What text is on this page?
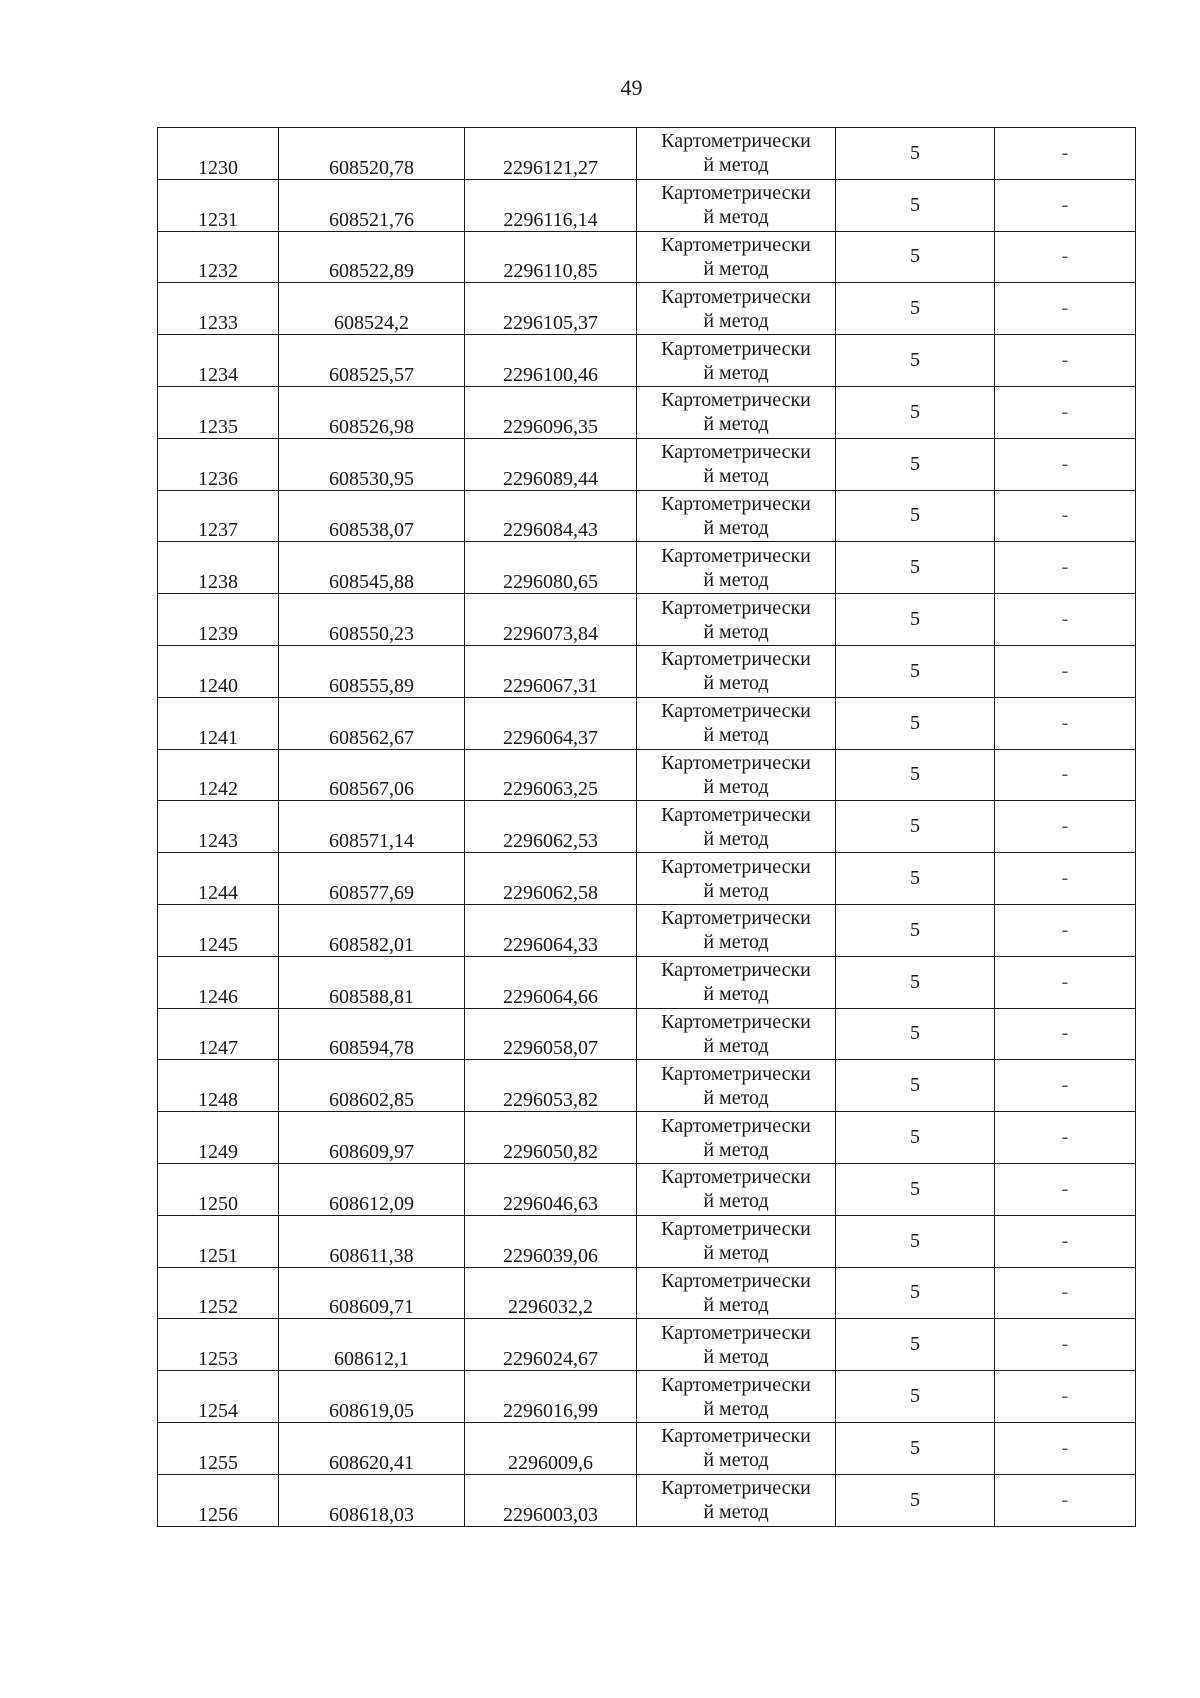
49
1230	608520,78	2296121,27	Картометрически
й метод	5	-
1231	608521,76	2296116,14	Картометрически
й метод	5	-
1232	608522,89	2296110,85	Картометрически
й метод	5	-
1233	608524,2	2296105,37	Картометрически
й метод	5	-
1234	608525,57	2296100,46	Картометрически
й метод	5	-
1235	608526,98	2296096,35	Картометрически
й метод	5	-
1236	608530,95	2296089,44	Картометрически
й метод	5	-
1237	608538,07	2296084,43	Картометрически
й метод	5	-
1238	608545,88	2296080,65	Картометрически
й метод	5	-
1239	608550,23	2296073,84	Картометрически
й метод	5	-
1240	608555,89	2296067,31	Картометрически
й метод	5	-
1241	608562,67	2296064,37	Картометрически
й метод	5	-
1242	608567,06	2296063,25	Картометрически
й метод	5	-
1243	608571,14	2296062,53	Картометрически
й метод	5	-
1244	608577,69	2296062,58	Картометрически
й метод	5	-
1245	608582,01	2296064,33	Картометрически
й метод	5	-
1246	608588,81	2296064,66	Картометрически
й метод	5	-
1247	608594,78	2296058,07	Картометрически
й метод	5	-
1248	608602,85	2296053,82	Картометрически
й метод	5	-
1249	608609,97	2296050,82	Картометрически
й метод	5	-
1250	608612,09	2296046,63	Картометрически
й метод	5	-
1251	608611,38	2296039,06	Картометрически
й метод	5	-
1252	608609,71	2296032,2	Картометрически
й метод	5	-
1253	608612,1	2296024,67	Картометрически
й метод	5	-
1254	608619,05	2296016,99	Картометрически
й метод	5	-
1255	608620,41	2296009,6	Картометрически
й метод	5	-
1256	608618,03	2296003,03	Картометрически
й метод	5	-
